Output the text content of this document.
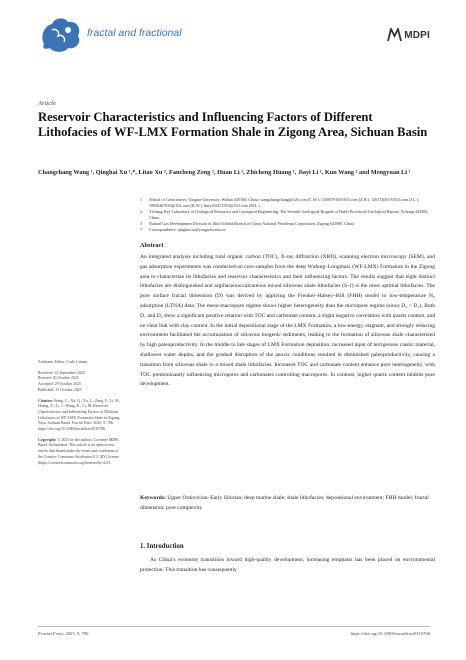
fractal and fractional	MDPI
Article
Reservoir Characteristics and Influencing Factors of Different Lithofacies of WF-LMX Formation Shale in Zigong Area, Sichuan Basin
Changchang Wang ¹, Qinghai Xu ¹,*, Litao Xu ², Fancheng Zeng ², Huan Li ¹, Zhicheng Huang ¹, Jiayi Li ¹, Kun Wang ² and Mengyuan Li ¹
1	School of Geosciences, Yangtze University, Wuhan 430100, China; wangchangchang@126.com (C.W.); 13500791816163.com (Z.H.); 13617206170163.com (J.L.); 19956467b35@163.com (K.W.); limy202471053@163.com (M.L.)
2	Yichang Key Laboratory of Geological Resources and Geological Engineering, The Seventh Geological Brigade of Hubei Provincial Geological Bureau, Yichang 443000, China
3	Natural Gas Development Division of Jilin Oilfield Branch of China National Petroleum Corporation, Zigong 643000, China
*	Correspondence: qinghai.xu@yangtzeu.edu.cn
Abstract
An integrated analysis including total organic carbon (TOC), X-ray diffraction (XRD), scanning electron microscopy (SEM), and gas adsorption experiments was conducted on core samples from the deep Wufeng–Longmaxi (WF-LMX) Formation in the Zigong area to characterize its lithofacies and reservoir characteristics and their influencing factors. The results suggest that eight distinct lithofacies are distinguished and argillaceous/calcareous mixed siliceous shale lithofacies (S-1) is the most optimal lithofacies. The pore surface fractal dimension (D) was derived by applying the Frenkel–Halsey–Hill (FHH) model to low-temperature N₂ adsorption (LTNA) data. The meso-macropore regime shows higher heterogeneity than the micropore regime (since D₂ > D₁). Both D₁ and D₂ show a significant positive relation with TOC and carbonate content, a slight negative correlation with quartz content, and no clear link with clay content. In the initial depositional stage of the LMX Formation, a low-energy, stagnant, and strongly reducing environment facilitated the accumulation of siliceous biogenic sediments, leading to the formation of siliceous shale characterized by high paleoproductivity. In the middle to late stages of LMX Formation deposition, increased input of terrigenous clastic material, shallower water depths, and the gradual disruption of the anoxic conditions resulted in diminished paleoproductivity, causing a transition from siliceous shale to a mixed shale lithofacies. Increased TOC and carbonate content enhance pore heterogeneity, with TOC predominantly influencing micropores and carbonates controlling macropores. In contrast, higher quartz content inhibits pore development.
Keywords: Upper Ordovician–Early Silurian; deep marine shale; shale lithofacies; depositional environment; FHH model; fractal dimension; pore complexity
Academic Editor: Carlo Cattani
Received: 22 September 2025
Revised: 20 October 2025
Accepted: 29 October 2025
Published: 31 October 2025
Citation: Wang, C.; Xu, Q.; Xu, L.; Zeng, F.; Li, H.; Huang, Z.; Li, J.; Wang, K.; Li, M. Reservoir Characteristics and Influencing Factors of Different Lithofacies of WF-LMX Formation Shale in Zigong Area, Sichuan Basin. Fractal Fract. 2025, 9, 706. https://doi.org/10.3390/fractalfract9110706
Copyright: © 2025 by the authors. Licensee MDPI, Basel, Switzerland. This article is an open access article distributed under the terms and conditions of the Creative Commons Attribution (CC BY) license (https://creativecommons.org/licenses/by/4.0/).
1. Introduction
As China’s economy transitions toward high-quality development, increasing emphasis has been placed on environmental protection. This transition has consequently
Fractal Fract. 2025, 9, 706	https://doi.org/10.3390/fractalfract9110706
